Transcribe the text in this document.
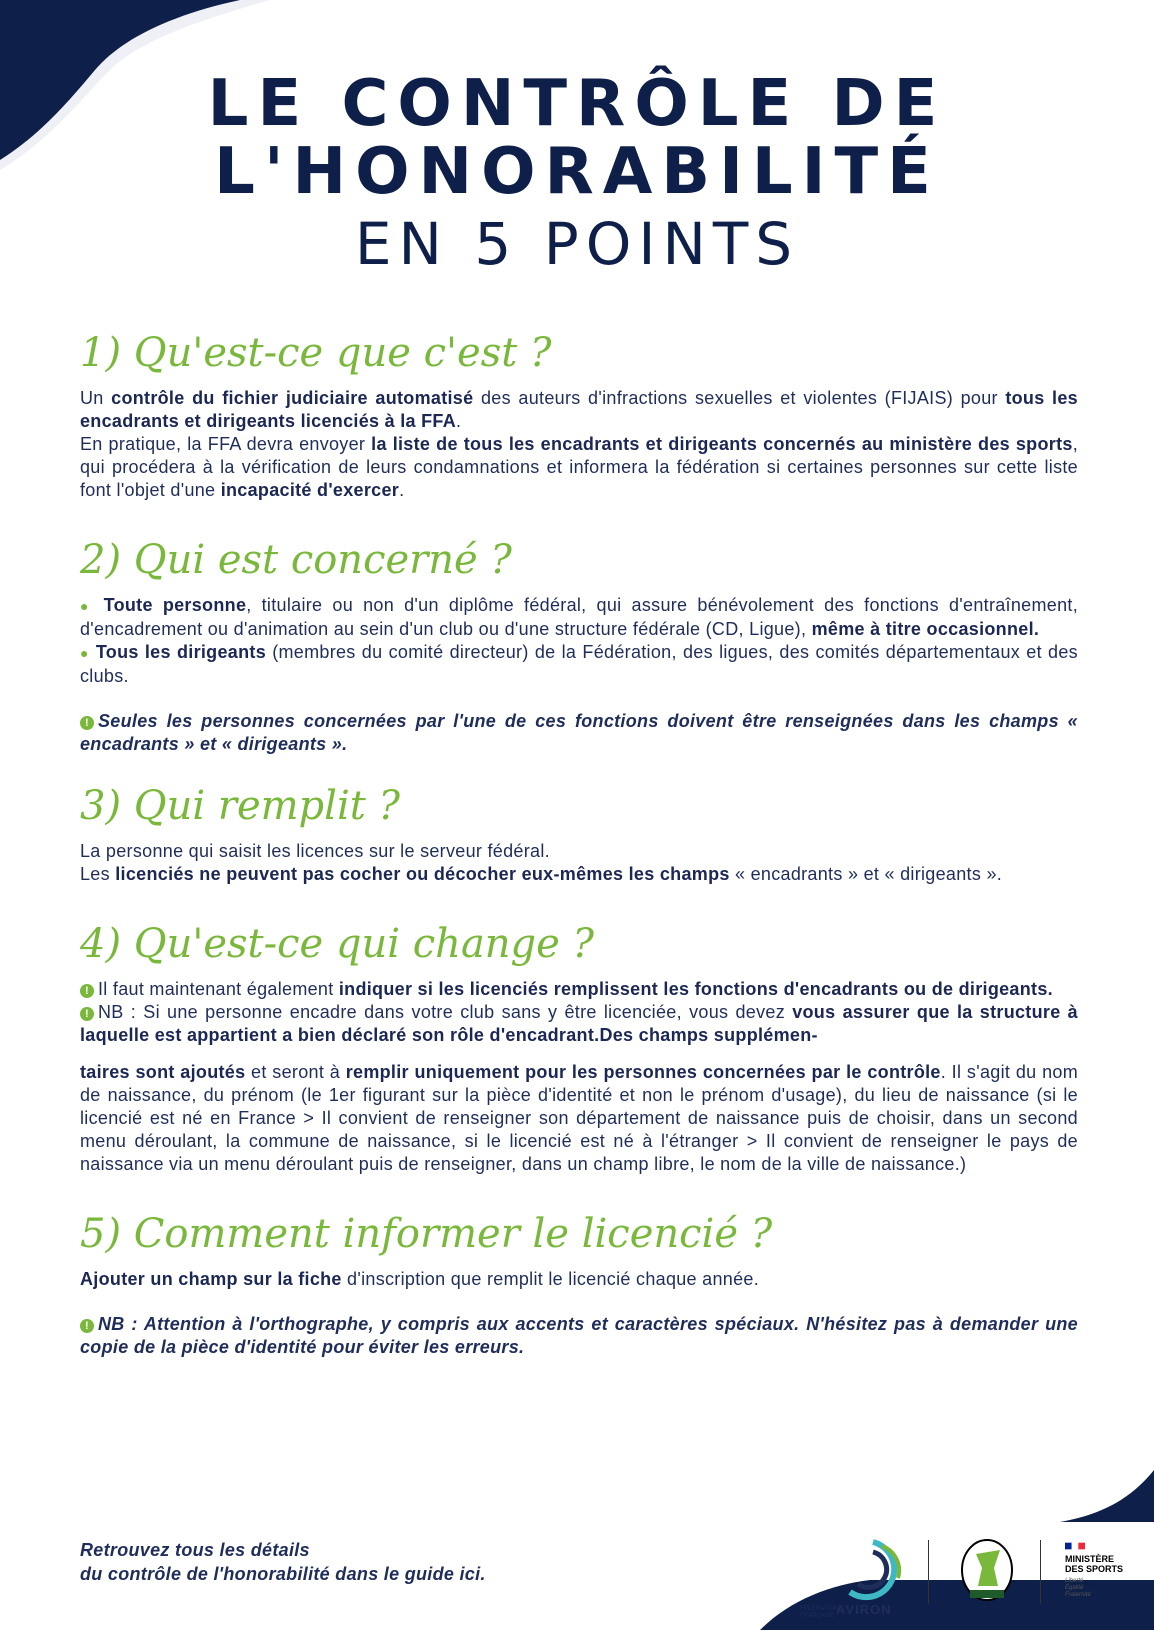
LE CONTRÔLE DE
L'HONORABILITÉ
EN 5 POINTS
1) Qu'est-ce que c'est ?

Un contrôle du fichier judiciaire automatisé des auteurs d'infractions sexuelles et violentes (FIJAIS) pour tous les encadrants et dirigeants licenciés à la FFA.
En pratique, la FFA devra envoyer la liste de tous les encadrants et dirigeants concernés au ministère des sports, qui procédera à la vérification de leurs condamnations et informera la fédération si certaines personnes sur cette liste font l'objet d'une incapacité d'exercer.

2) Qui est concerné ?

● Toute personne, titulaire ou non d'un diplôme fédéral, qui assure bénévolement des fonctions d'entraînement, d'encadrement ou d'animation au sein d'un club ou d'une structure fédérale (CD, Ligue), même à titre occasionnel.

● Tous les dirigeants (membres du comité directeur) de la Fédération, des ligues, des comités départementaux et des clubs.

! Seules les personnes concernées par l'une de ces fonctions doivent être renseignées dans les champs « encadrants » et « dirigeants ».

3) Qui remplit ?

La personne qui saisit les licences sur le serveur fédéral.
Les licenciés ne peuvent pas cocher ou décocher eux-mêmes les champs « encadrants » et « dirigeants ».

4) Qu'est-ce qui change ?

! Il faut maintenant également indiquer si les licenciés remplissent les fonctions d'encadrants ou de dirigeants.

! NB : Si une personne encadre dans votre club sans y être licenciée, vous devez vous assurer que la structure à laquelle est appartient a bien déclaré son rôle d'encadrant.Des champs supplémen-

taires sont ajoutés et seront à remplir uniquement pour les personnes concernées par le contrôle. Il s'agit du nom de naissance, du prénom (le 1er figurant sur la pièce d'identité et non le prénom d'usage), du lieu de naissance (si le licencié est né en France > Il convient de renseigner son département de naissance puis de choisir, dans un second menu déroulant, la commune de naissance, si le licencié est né à l'étranger > Il convient de renseigner le pays de naissance via un menu déroulant puis de renseigner, dans un champ libre, le nom de la ville de naissance.)

5) Comment informer le licencié ?

Ajouter un champ sur la fiche d'inscription que remplit le licencié chaque année.

! NB : Attention à l'orthographe, y compris aux accents et caractères spéciaux. N'hésitez pas à demander une copie de la pièce d'identité pour éviter les erreurs.

Retrouvez tous les détails
du contrôle de l'honorabilité dans le guide ici.
FÉDÉRATION FRANÇAISE AVIRON
MINISTÈRE
DES SPORTS
Liberté
Égalité
Fraternité
